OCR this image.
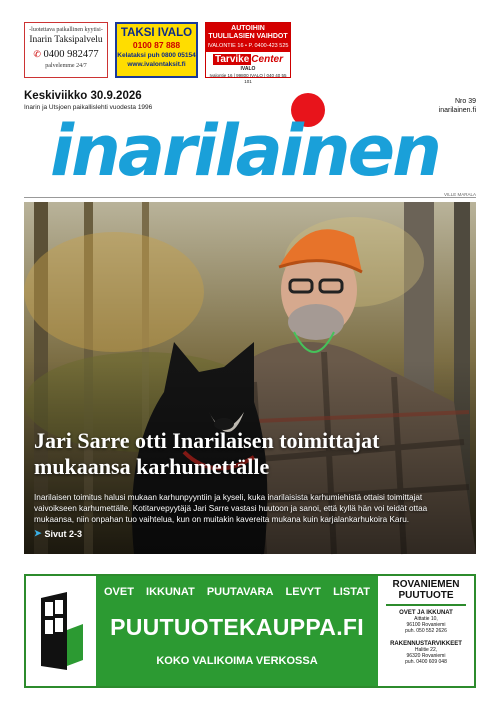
-luotettava paikallinen kyytisi-
Inarin Taksipalvelu
✆ 0400 982477
palvelemme 24/7
TAKSI IVALO
0100 87 888
Kelataksi puh 0800 05154
www.ivalontaksit.fi
AUTOIHIN
TUULILASIEN VAIHDOT
IVALONTIE 16 • P. 0400-423 525
Tarvike Center
IVALO
Ivalontie 16 | 99800 IVALO | 040 40 55 101
Keskiviikko 30.9.2026
Inarin ja Utsjoen paikallislehti vuodesta 1996
Nro 39
inarilainen.fi
inarilainen
VILLE MARALA
Jari Sarre otti Inarilaisen toimittajat mukaansa karhumettälle
Inarilaisen toimitus halusi mukaan karhunpyyntiin ja kyseli, kuka inarilaisista karhumiehistä ottaisi toimittajat vaivoikseen karhumettälle. Kotitarvepyytäjä Jari Sarre vastasi huutoon ja sanoi, että kyllä hän voi teidät ottaa mukaansa, niin onpahan tuo vaihtelua, kun on muitakin kavereita mukana kuin karjalankarhukoira Karu.
➤ Sivut 2-3
OVET IKKUNAT PUUTAVARA LEVYT LISTAT
PUUTUOTEKAUPPA.FI
KOKO VALIKOIMA VERKOSSA
ROVANIEMEN
PUUTUOTE
OVET JA IKKUNAT
Aittatie 10,
96100 Rovaniemi
puh. 050 552 2626
RAKENNUSTARVIKKEET
Halitie 22,
96320 Rovaniemi
puh. 0400 609 048
